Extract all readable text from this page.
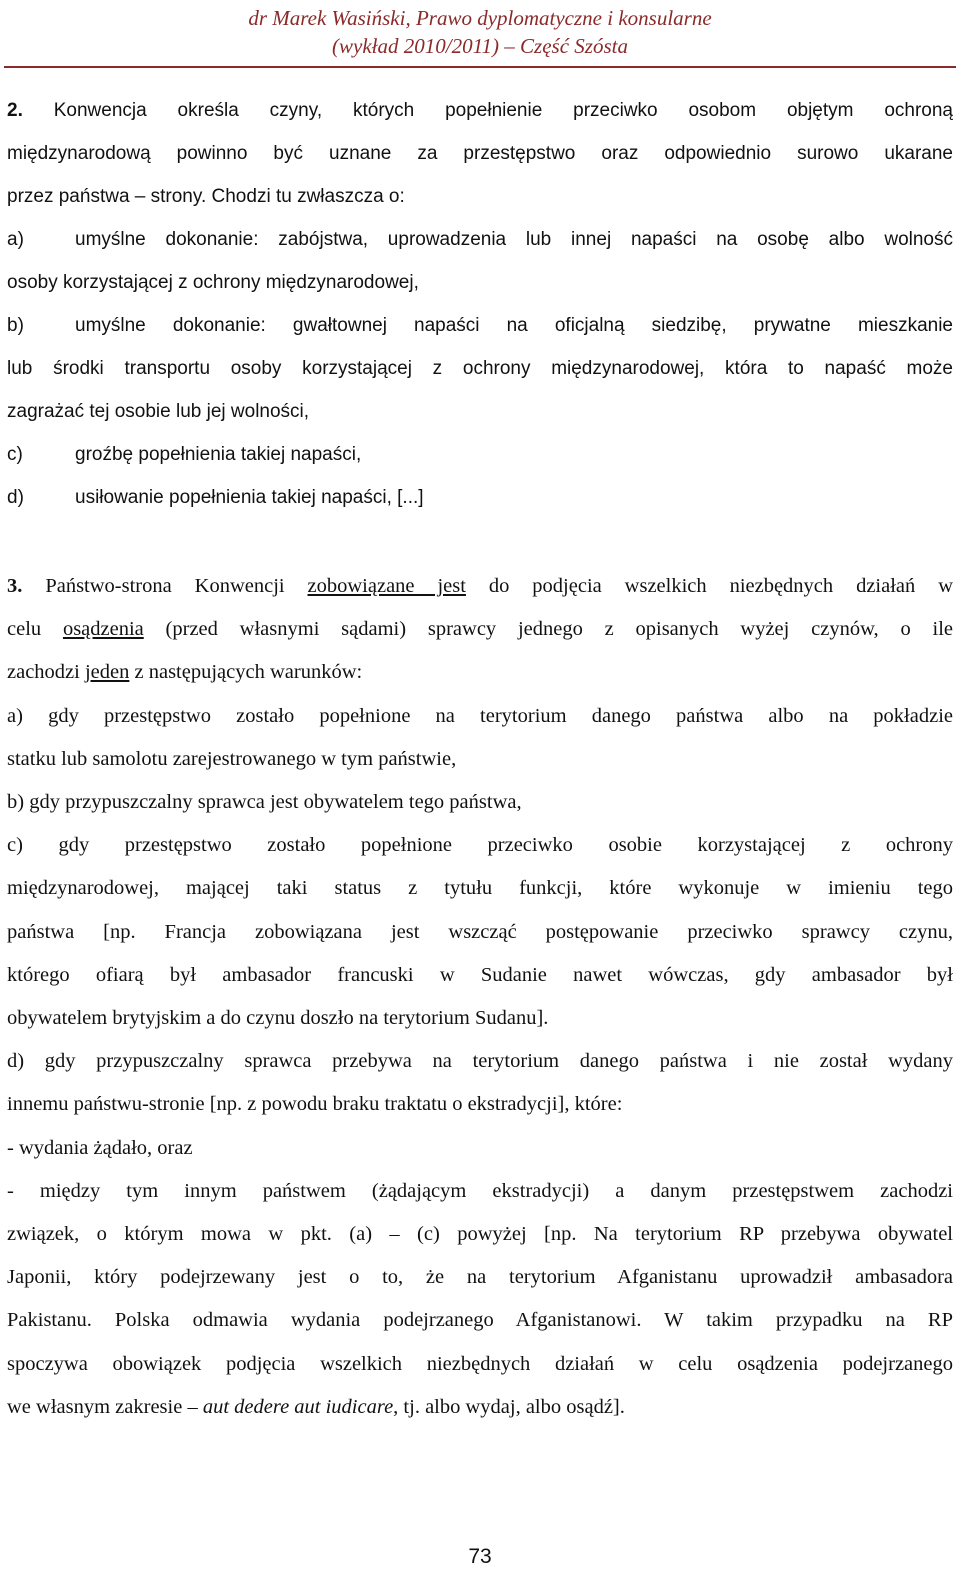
dr Marek Wasiński, Prawo dyplomatyczne i konsularne
(wykład 2010/2011) – Część Szósta
2. Konwencja określa czyny, których popełnienie przeciwko osobom objętym ochroną
międzynarodową powinno być uznane za przestępstwo oraz odpowiednio surowo ukarane
przez państwa – strony. Chodzi tu zwłaszcza o:
a)	umyślne dokonanie: zabójstwa, uprowadzenia lub innej napaści na osobę albo wolność
osoby korzystającej z ochrony międzynarodowej,
b)	umyślne dokonanie: gwałtownej napaści na oficjalną siedzibę, prywatne mieszkanie
lub środki transportu osoby korzystającej z ochrony międzynarodowej, która to napaść może
zagrażać tej osobie lub jej wolności,
c)	groźbę popełnienia takiej napaści,
d)	usiłowanie popełnienia takiej napaści, [...]
3. Państwo-strona Konwencji zobowiązane jest do podjęcia wszelkich niezbędnych działań w
celu osądzenia (przed własnymi sądami) sprawcy jednego z opisanych wyżej czynów, o ile
zachodzi jeden z następujących warunków:
a) gdy przestępstwo zostało popełnione na terytorium danego państwa albo na pokładzie
statku lub samolotu zarejestrowanego w tym państwie,
b) gdy przypuszczalny sprawca jest obywatelem tego państwa,
c) gdy przestępstwo zostało popełnione przeciwko osobie korzystającej z ochrony
międzynarodowej, mającej taki status z tytułu funkcji, które wykonuje w imieniu tego
państwa [np. Francja zobowiązana jest wszcząć postępowanie przeciwko sprawcy czynu,
którego ofiarą był ambasador francuski w Sudanie nawet wówczas, gdy ambasador był
obywatelem brytyjskim a do czynu doszło na terytorium Sudanu].
d) gdy przypuszczalny sprawca przebywa na terytorium danego państwa i nie został wydany
innemu państwu-stronie [np. z powodu braku traktatu o ekstradycji], które:
- wydania żądało, oraz
- między tym innym państwem (żądającym ekstradycji) a danym przestępstwem zachodzi
związek, o którym mowa w pkt. (a) – (c) powyżej [np. Na terytorium RP przebywa obywatel
Japonii, który podejrzewany jest o to, że na terytorium Afganistanu uprowadził ambasadora
Pakistanu. Polska odmawia wydania podejrzanego Afganistanowi. W takim przypadku na RP
spoczywa obowiązek podjęcia wszelkich niezbędnych działań w celu osądzenia podejrzanego
we własnym zakresie – aut dedere aut iudicare, tj. albo wydaj, albo osądź].
73
